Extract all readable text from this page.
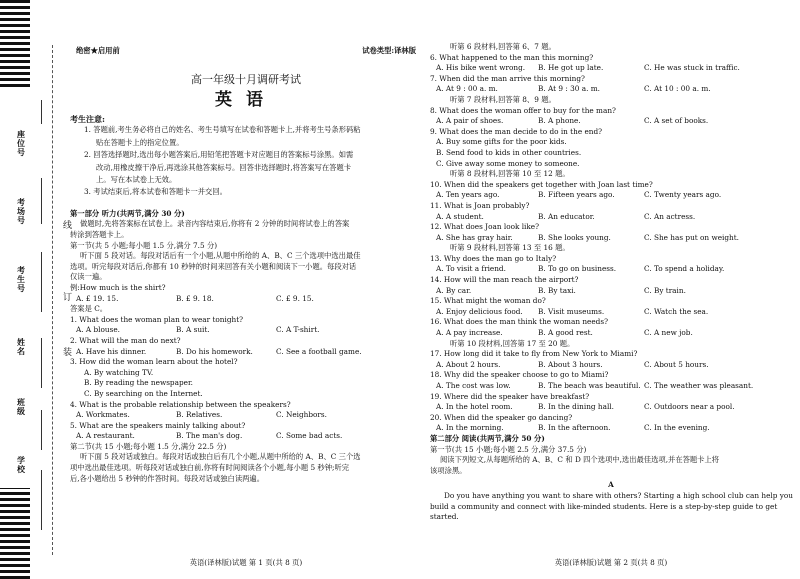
座位号
考场号
考生号
姓名
班级
学校
线
订
装
绝密★启用前	试卷类型:译林版
高一年级十月调研考试
英语
考生注意:
1. 答题前,考生务必将自己的姓名、考生号填写在试卷和答题卡上,并将考生号条形码粘
贴在答题卡上的指定位置。
2. 回答选择题时,选出每小题答案后,用铅笔把答题卡对应题目的答案标号涂黑。如需
改动,用橡皮擦干净后,再选涂其他答案标号。回答非选择题时,将答案写在答题卡
上。写在本试卷上无效。
3. 考试结束后,将本试卷和答题卡一并交回。
第一部分 听力(共两节,满分 30 分)
做题时,先将答案标在试卷上。录音内容结束后,你将有 2 分钟的时间将试卷上的答案
转涂到答题卡上。
第一节(共 5 小题;每小题 1.5 分,满分 7.5 分)
听下面 5 段对话。每段对话后有一个小题,从题中所给的 A、B、C 三个选项中选出最佳
选项。听完每段对话后,你都有 10 秒钟的时间来回答有关小题和阅读下一小题。每段对话
仅读一遍。
例:How much is the shirt?
A. £ 19. 15.	B. £ 9. 18.	C. £ 9. 15.
答案是 C。
1. What does the woman plan to wear tonight?
A. A blouse.	B. A suit.	C. A T-shirt.
2. What will the man do next?
A. Have his dinner.	B. Do his homework.	C. See a football game.
3. How did the woman learn about the hotel?
A. By watching TV.
B. By reading the newspaper.
C. By searching on the Internet.
4. What is the probable relationship between the speakers?
A. Workmates.	B. Relatives.	C. Neighbors.
5. What are the speakers mainly talking about?
A. A restaurant.	B. The man's dog.	C. Some bad acts.
第二节(共 15 小题;每小题 1.5 分,满分 22.5 分)
听下面 5 段对话或独白。每段对话或独白后有几个小题,从题中所给的 A、B、C 三个选
项中选出最佳选项。听每段对话或独白前,你将有时间阅读各个小题,每小题 5 秒钟;听完
后,各小题给出 5 秒钟的作答时间。每段对话或独白读两遍。
英语(译林版)试题 第 1 页(共 8 页)
听第 6 段材料,回答第 6、7 题。
6. What happened to the man this morning?
A. His bike went wrong.	B. He got up late.	C. He was stuck in traffic.
7. When did the man arrive this morning?
A. At 9 : 00 a. m.	B. At 9 : 30 a. m.	C. At 10 : 00 a. m.
听第 7 段材料,回答第 8、9 题。
8. What does the woman offer to buy for the man?
A. A pair of shoes.	B. A phone.	C. A set of books.
9. What does the man decide to do in the end?
A. Buy some gifts for the poor kids.
B. Send food to kids in other countries.
C. Give away some money to someone.
听第 8 段材料,回答第 10 至 12 题。
10. When did the speakers get together with Joan last time?
A. Ten years ago.	B. Fifteen years ago.	C. Twenty years ago.
11. What is Joan probably?
A. A student.	B. An educator.	C. An actress.
12. What does Joan look like?
A. She has gray hair.	B. She looks young.	C. She has put on weight.
听第 9 段材料,回答第 13 至 16 题。
13. Why does the man go to Italy?
A. To visit a friend.	B. To go on business.	C. To spend a holiday.
14. How will the man reach the airport?
A. By car.	B. By taxi.	C. By train.
15. What might the woman do?
A. Enjoy delicious food.	B. Visit museums.	C. Watch the sea.
16. What does the man think the woman needs?
A. A pay increase.	B. A good rest.	C. A new job.
听第 10 段材料,回答第 17 至 20 题。
17. How long did it take to fly from New York to Miami?
A. About 2 hours.	B. About 3 hours.	C. About 5 hours.
18. Why did the speaker choose to go to Miami?
A. The cost was low.	B. The beach was beautiful. C. The weather was pleasant.
19. Where did the speaker have breakfast?
A. In the hotel room.	B. In the dining hall.	C. Outdoors near a pool.
20. When did the speaker go dancing?
A. In the morning.	B. In the afternoon.	C. In the evening.
第二部分 阅读(共两节,满分 50 分)
第一节(共 15 小题;每小题 2.5 分,满分 37.5 分)
阅读下列短文,从每题所给的 A、B、C 和 D 四个选项中,选出最佳选项,并在答题卡上将
该项涂黑。
A
Do you have anything you want to share with others? Starting a high school club can help you
build a community and connect with like-minded students. Here is a step-by-step guide to get
started.
英语(译林版)试题 第 2 页(共 8 页)
